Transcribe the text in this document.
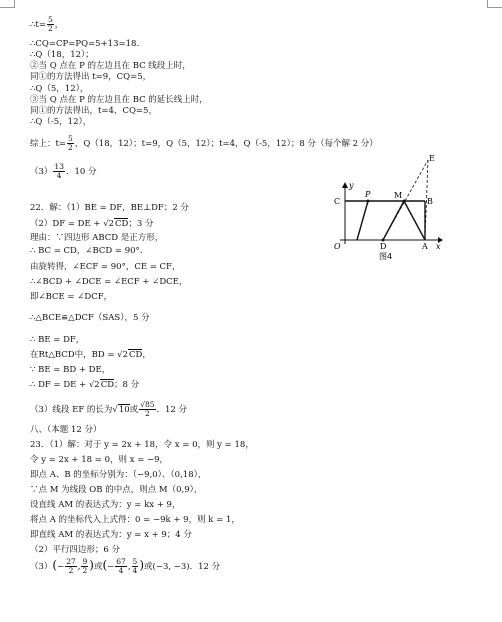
∴t= $\frac{5}{2}$ ，
∴CQ=CP=PQ=5+13=18.
∴Q（18，12）；
②当 Q 点在 P 的左边且在 BC 线段上时，
同①的方法得出 t=9，CQ=5，
∴Q（5，12），
③当 Q 点在 P 的左边且在 BC 的延长线上时，
同①的方法得出，t=4，CQ=5，
∴Q（-5，12），
综上：$t= \frac{5}{2}$ ，Q（18，12）；t=9，Q（5，12）；t=4，Q（-5，12）；8 分（每个解 2 分）
$(3) \frac{13}{4}$ ．10 分
22．解：（1）BE = DF，BE⊥DF；2 分
（2）DF = DE + √2CD；3 分
理由：∵四边形 ABCD 是正方形，
∴ BC = CD，∠BCD = 90°．
由旋转得，∠ECF = 90°，CE = CF，
∴∠BCD + ∠DCE = ∠ECF + ∠DCE，
即∠BCE = ∠DCF，
∴△BCE≌△DCF（SAS），5 分
∴ BE = DF，
在Rt△BCD中，BD = √2CD，
∵ BE = BD + DE，
∴ DF = DE + √2CD；8 分
（3）线段 EF 的长为√10或 $\frac{√85}{2}$ ．12 分
八、（本题 12 分）
23．（1）解：对于 y = 2x + 18，令 x = 0，则 y = 18，
令 y = 2x + 18 = 0，则 x = −9，
即点 A、B 的坐标分别为：（−9,0）、（0,18），
∵点 M 为线段 OB 的中点，则点 M（0,9），
设直线 AM 的表达式为：y = kx + 9，
将点 A 的坐标代入上式得：0 = −9k + 9，则 k = 1，
即直线 AM 的表达式为：y = x + 9；4 分
（2）平行四边形；6 分
$(3)(- \frac{27}{2}$ , $\frac{9}{2}$ )或(− $\frac{67}{4}$ , $\frac{5}{4}$ )或(−3, −3)．12 分
E
y
P	M
C	B
O	D	A x
图4
